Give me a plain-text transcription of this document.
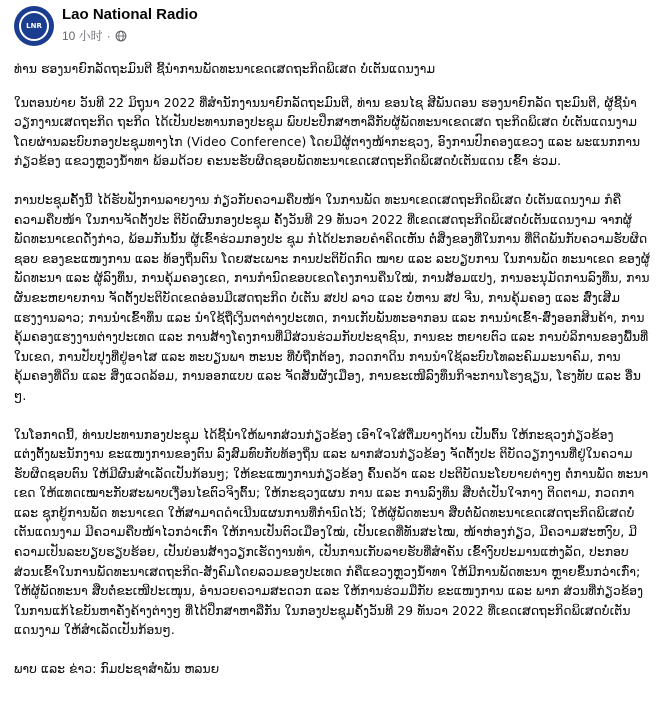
LNR
Lao National Radio
10 小时 ·

ທ່ານ ຮອງນາຍົກລັດຖະມົນຕີ ຊີ້ນຳການພັດທະນາເຂດເສດຖະກິດພິເສດ ບໍ່ເຕັນແດນງາມ

ໃນຕອນບ່າຍ ວັນທີ 22 ມິຖຸນາ 2022 ທີ່ສຳນັກງານນາຍົກລັດຖະມົນຕີ, ທ່ານ ຂອນໄຊ ສີພັນດອນ ຮອງນາຍົກລັດ ຖະມົນຕີ, ຜູ້ຊີ້ນຳວຽກງານເສດຖະກິດ ຖະກິດ ໄດ້ເປັນປະທານກອງປະຊຸມ ພົບປະປຶກສາຫາລືກັບຜູ້ພັດທະນາເຂດເສດ ຖະກິດພິເສດ ບໍ່ເຕັນແດນງາມ ໂດຍຜ່ານລະບົບກອງປະຊຸມທາງໄກ (Video Conference) ໂດຍມີຜູ້ຕາງໜ້າກະຊວງ, ອົງການປົກຄອງແຂວງ ແລະ ພະແນກການກ່ຽວຂ້ອງ ແຂວງຫຼວງນ້ຳທາ ພ້ອມດ້ວຍ ຄະນະຮັບຜິດຊອບພັດທະນາເຂດເສດຖະກິດພິເສດບໍ່ເຕັນແດນ ເຂົ້າ ຮ່ວມ.

ການປະຊຸມຄັ້ງນີ້ ໄດ້ຮັບຟັງການລາຍງານ ກ່ຽວກັບຄວາມຄືບໜ້າ ໃນການພັດ ທະນາເຂດເສດຖະກິດພິເສດ ບໍ່ເຕັນແດນງາມ ກໍຄືຄວາມຄືບໜ້າ ໃນການຈັດຕັ້ງປະ ຕິບັດຜົນກອງປະຊຸມ ຄັ້ງວັນທີ 29 ທັນວາ 2022 ທີ່ເຂດເສດຖະກິດພິເສດບໍ່ເຕັນແດນງາມ ຈາກຜູ້ພັດທະນາເຂດດັ່ງກ່າວ, ພ້ອມກັນນັ້ນ ຜູ້ເຂົ້າຮ່ວມກອງປະ ຊຸມ ກໍໄດ້ປະກອບຄຳຄິດເຫັນ ຕໍ່ສິ່ງຂອງທີ່ໃນການ ທີ່ຕິດພັນກັບຄວາມຮັບຜິດ ຊອບ ຂອງຂະແໜງການ ແລະ ທ້ອງຖິ່ນຕົນ ໂດຍສະເພາະ ການປະຕິບັດກົດ ໝາຍ ແລະ ລະບຽບການ ໃນການພັດ ທະນາເຂດ ຂອງຜູ້ພັດທະນາ ແລະ ຜູ້ລົງທຶນ, ການຄຸ້ມຄອງເຂດ, ການກຳນົດຂອບເຂດໂຄງການຄືນໃໝ່, ການສ້ອມແປງ, ການອະນຸມັດການລົງທຶນ, ການຜັນຂະຫຍາຍການ ຈັດຕັ້ງປະຕິບັດເຂດອ່ອນມີເສດຖະກິດ ບໍ່ເຕັນ ສປປ ລາວ ແລະ ບໍ່ຫານ ສປ ຈີນ, ການຄຸ້ມຄອງ ແລະ ສົ່ງເສີມແຮງງານລາວ; ການນຳເຂົ້າທຶນ ແລະ ນຳໃຊ້ຖືເງິນຕາຕ່າງປະເທດ, ການເກັບພັນທະອາກອນ ແລະ ການນຳເຂົ້າ-ສົ່ງອອກສິນຄ້າ, ການຄຸ້ມຄອງແຮງງານຕ່າງປະເທດ ແລະ ການສ້າງໂຄງການທີ່ມີສ່ວນຮ່ວມກັບປະຊາຊົນ, ການຂະ ຫຍາຍຕົວ ແລະ ການບໍລິການຂອງພື້ນທີ່ ໃນເຂດ, ການປັບປຸງທີ່ຢູ່ອາໄສ ແລະ ທະບຽນພາ ຫະນະ ທີ່ບໍ່ຖືກຕ້ອງ, ກວດກາດິນ ການນຳໃຊ້ລະບົບໂທລະຄົມມະນາຄົມ, ການຄຸ້ມຄອງທີ່ດິນ ແລະ ສິ່ງແວດລ້ອມ, ການອອກແບບ ແລະ ຈັດສັນຜັງເມືອງ, ການຂະເໜີລົງທຶນກິຈະການໂຮງຊຽນ, ໂຮງທັບ ແລະ ອື່ນໆ.

ໃນໂອກາດນີ້, ທ່ານປະທານກອງປະຊຸມ ໄດ້ຊີ້ນຳໃຫ້ພາກສ່ວນກ່ຽວຂ້ອງ ເອົາໃຈໃສ່ຕື່ມບາງດ້ານ ເປັນຕົ້ນ ໃຫ້ກະຊວງກ່ຽວຂ້ອງ ແຕ່ງຕັ້ງພະນັກງານ ຂະແໜງການຂອງຕົນ ລົງສົມທົບກັບທ້ອງຖິ່ນ ແລະ ພາກສ່ວນກ່ຽວຂ້ອງ ຈັດຕັ້ງປະ ຕິບັດວຽກງານທີ່ຢູ່ໃນຄວາມຮັບຜິດຊອບຕົນ ໃຫ້ມີຜົນສຳເລັດເປັນກ້ອນໆ; ໃຫ້ຂະແໜງການກ່ຽວຂ້ອງ ຄົ້ນຄວ້າ ແລະ ປະຕິບັດນະໂຍບາຍຕ່າງໆ ຕໍ່ການພັດ ທະນາເຂດ ໃຫ້ແທດເໝາະກັບສະພາບເງື່ອນໄຂຕົວຈິງຕົ້ນ; ໃຫ້ກະຊວງແຜນ ການ ແລະ ການລົງທຶນ ສືບຕໍ່ເປັນໃຈກາງ ຕິດຕາມ, ກວດກາ ແລະ ຊຸກຍູ້ການພັດ ທະນາເຂດ ໃຫ້ສາມາດດຳເນີນແຜນການທີ່ກຳນົດໄວ້; ໃຫ້ຜູ້ພັດທະນາ ສືບຕໍ່ພັດທະນາເຂດເສດຖະກິດພິເສດບໍ່ເຕັນແດນງາມ ມີຄວາມຄືບໜ້າໄວກວ່າເກົ່າ ໃຫ້ການເປັນຕົວເມືອງໃໝ່, ເປັນເຂດທີ່ທັນສະໄໝ, ໜ້າຫ່ອງກ່ຽວ, ມີຄວາມສະຫງົບ, ມີຄວາມເປັນລະບຽບຮຽບຮ້ອຍ, ເປັນບ່ອນສ້າງວຽກເຮັດງານທຳ, ເປັນການເກັບລາຍຮັບທີ່ສຳຄັນ ເຂົ້າງົບປະມານແຫ່ງລັດ, ປະກອບສ່ວນເຂົ້າໃນການພັດທະນາເສດຖະກິດ-ສັງຄົມໂດຍລວມຂອງປະເທດ ກໍຄືແຂວງຫຼວງນ້ຳທາ ໃຫ້ມີການພັດທະນາ ຫຼາຍຂຶ້ນກວ່າເກົ່າ; ໃຫ້ຜູ້ພັດທະນາ ສືບຕໍ່ຂະເໜີປະເໜຸນ, ອຳນວຍຄວາມສະດວກ ແລະ ໃຫ້ການຮ່ວມມືກັບ ຂະແໜງການ ແລະ ພາກ ສ່ວນທີ່ກ່ຽວຂ້ອງ ໃນການແກ້ໄຂບັນຫາຄັ່ງຄ້າງຕ່າງໆ ທີ່ໄດ້ປຶກສາຫາລືກັນ ໃນກອງປະຊຸມຄັ້ງວັນທີ 29 ທັນວາ 2022 ທີ່ເຂດເສດຖະກິດພິເສດບໍ່ເຕັນແດນງາມ ໃຫ້ສຳເລັດເປັນກ້ອນໆ.

ພາບ ແລະ ຂ່າວ: ກົມປະຊາສຳພັນ ຫລນຍ
